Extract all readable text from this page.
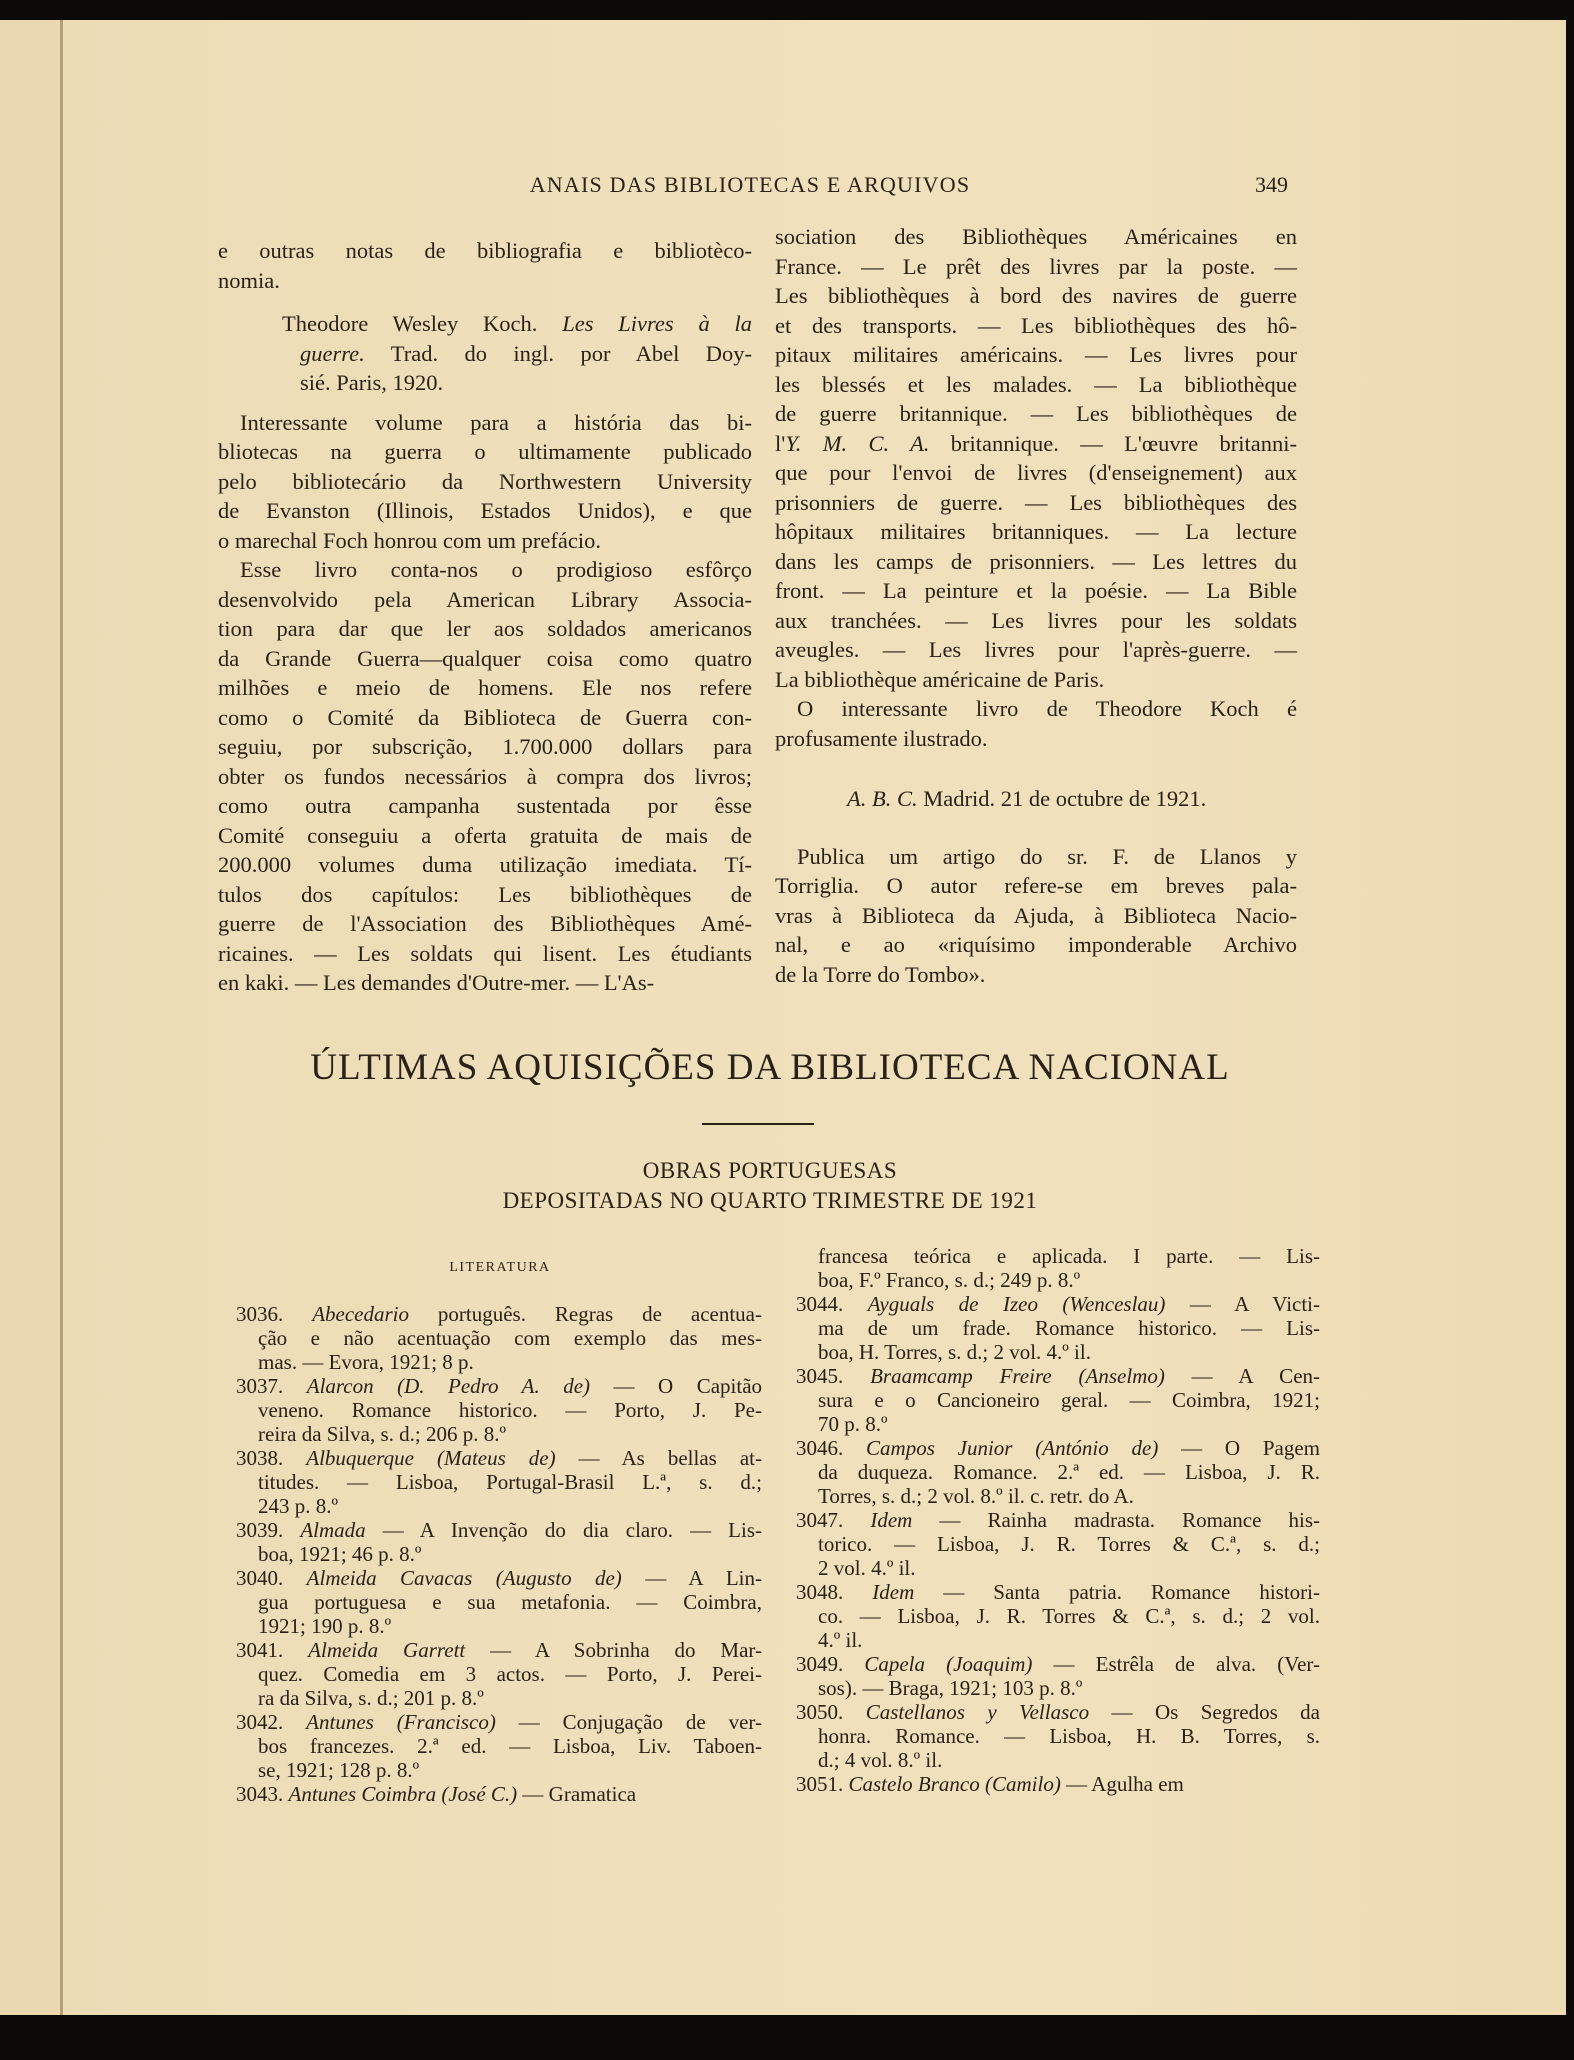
ANAIS DAS BIBLIOTECAS E ARQUIVOS	349
e outras notas de bibliografia e bibliotèco-
nomia.
Theodore Wesley Koch. Les Livres à la
guerre. Trad. do ingl. por Abel Doy-
sié. Paris, 1920.
Interessante volume para a história das bi-
bliotecas na guerra o ultimamente publicado
pelo bibliotecário da Northwestern University
de Evanston (Illinois, Estados Unidos), e que
o marechal Foch honrou com um prefácio.
Esse livro conta-nos o prodigioso esfôrço
desenvolvido pela American Library Associa-
tion para dar que ler aos soldados americanos
da Grande Guerra—qualquer coisa como quatro
milhões e meio de homens. Ele nos refere
como o Comité da Biblioteca de Guerra con-
seguiu, por subscrição, 1.700.000 dollars para
obter os fundos necessários à compra dos livros;
como outra campanha sustentada por êsse
Comité conseguiu a oferta gratuita de mais de
200.000 volumes duma utilização imediata. Tí-
tulos dos capítulos: Les bibliothèques de
guerre de l'Association des Bibliothèques Amé-
ricaines. — Les soldats qui lisent. Les étudiants
en kaki. — Les demandes d'Outre-mer. — L'As-
sociation des Bibliothèques Américaines en
France. — Le prêt des livres par la poste. —
Les bibliothèques à bord des navires de guerre
et des transports. — Les bibliothèques des hô-
pitaux militaires américains. — Les livres pour
les blessés et les malades. — La bibliothèque
de guerre britannique. — Les bibliothèques de
l'Y. M. C. A. britannique. — L'œuvre britanni-
que pour l'envoi de livres (d'enseignement) aux
prisonniers de guerre. — Les bibliothèques des
hôpitaux militaires britanniques. — La lecture
dans les camps de prisonniers. — Les lettres du
front. — La peinture et la poésie. — La Bible
aux tranchées. — Les livres pour les soldats
aveugles. — Les livres pour l'après-guerre. —
La bibliothèque américaine de Paris.
O interessante livro de Theodore Koch é
profusamente ilustrado.
A. B. C. Madrid. 21 de octubre de 1921.
Publica um artigo do sr. F. de Llanos y
Torriglia. O autor refere-se em breves pala-
vras à Biblioteca da Ajuda, à Biblioteca Nacio-
nal, e ao «riquísimo imponderable Archivo
de la Torre do Tombo».
ÚLTIMAS AQUISIÇÕES DA BIBLIOTECA NACIONAL
OBRAS PORTUGUESAS
DEPOSITADAS NO QUARTO TRIMESTRE DE 1921
LITERATURA
3036. Abecedario português. Regras de acentua-
ção e não acentuação com exemplo das mes-
mas. — Evora, 1921; 8 p.
3037. Alarcon (D. Pedro A. de) — O Capitão
veneno. Romance historico. — Porto, J. Pe-
reira da Silva, s. d.; 206 p. 8.º
3038. Albuquerque (Mateus de) — As bellas at-
titudes. — Lisboa, Portugal-Brasil L.ª, s. d.;
243 p. 8.º
3039. Almada — A Invenção do dia claro. — Lis-
boa, 1921; 46 p. 8.º
3040. Almeida Cavacas (Augusto de) — A Lin-
gua portuguesa e sua metafonia. — Coimbra,
1921; 190 p. 8.º
3041. Almeida Garrett — A Sobrinha do Mar-
quez. Comedia em 3 actos. — Porto, J. Perei-
ra da Silva, s. d.; 201 p. 8.º
3042. Antunes (Francisco) — Conjugação de ver-
bos francezes. 2.ª ed. — Lisboa, Liv. Taboen-
se, 1921; 128 p. 8.º
3043. Antunes Coimbra (José C.) — Gramatica
francesa teórica e aplicada. I parte. — Lis-
boa, F.º Franco, s. d.; 249 p. 8.º
3044. Ayguals de Izeo (Wenceslau) — A Victi-
ma de um frade. Romance historico. — Lis-
boa, H. Torres, s. d.; 2 vol. 4.º il.
3045. Braamcamp Freire (Anselmo) — A Cen-
sura e o Cancioneiro geral. — Coimbra, 1921;
70 p. 8.º
3046. Campos Junior (António de) — O Pagem
da duqueza. Romance. 2.ª ed. — Lisboa, J. R.
Torres, s. d.; 2 vol. 8.º il. c. retr. do A.
3047. Idem — Rainha madrasta. Romance his-
torico. — Lisboa, J. R. Torres & C.ª, s. d.;
2 vol. 4.º il.
3048. Idem — Santa patria. Romance histori-
co. — Lisboa, J. R. Torres & C.ª, s. d.; 2 vol.
4.º il.
3049. Capela (Joaquim) — Estrêla de alva. (Ver-
sos). — Braga, 1921; 103 p. 8.º
3050. Castellanos y Vellasco — Os Segredos da
honra. Romance. — Lisboa, H. B. Torres, s.
d.; 4 vol. 8.º il.
3051. Castelo Branco (Camilo) — Agulha em
